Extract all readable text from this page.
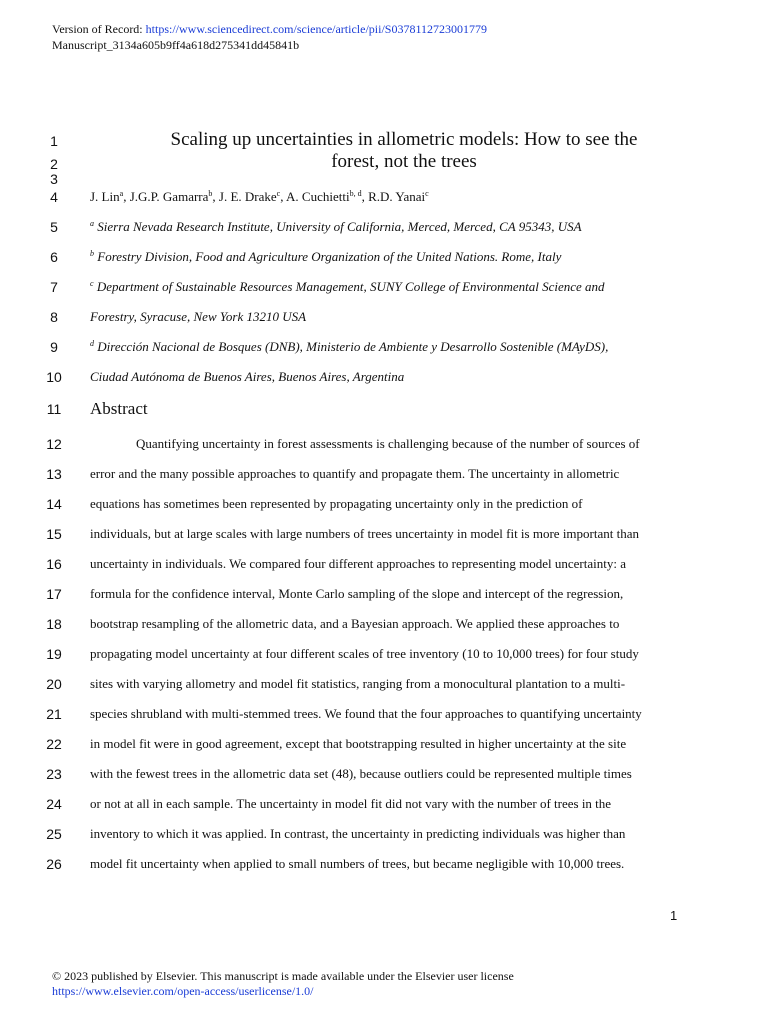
Version of Record: https://www.sciencedirect.com/science/article/pii/S0378112723001779
Manuscript_3134a605b9ff4a618d275341dd45841b
1
2
3
4
5
6
7
8
9
10
11
12
13
14
15
16
17
18
19
20
21
22
23
24
25
26
Scaling up uncertainties in allometric models: How to see the
forest, not the trees
J. Lin$^a$, J.G.P. Gamarra$^b$, J. E. Drake$^c$, A. Cuchietti$^{b, d}$, R.D. Yanai$^c$
$^a$ Sierra Nevada Research Institute, University of California, Merced, Merced, CA 95343, USA
$^b$ Forestry Division, Food and Agriculture Organization of the United Nations. Rome, Italy
$^c$ Department of Sustainable Resources Management, SUNY College of Environmental Science and
Forestry, Syracuse, New York 13210 USA
$^d$ Dirección Nacional de Bosques (DNB), Ministerio de Ambiente y Desarrollo Sostenible (MAyDS),
Ciudad Autónoma de Buenos Aires, Buenos Aires, Argentina
Abstract
Quantifying uncertainty in forest assessments is challenging because of the number of sources of
error and the many possible approaches to quantify and propagate them. The uncertainty in allometric
equations has sometimes been represented by propagating uncertainty only in the prediction of
individuals, but at large scales with large numbers of trees uncertainty in model fit is more important than
uncertainty in individuals. We compared four different approaches to representing model uncertainty: a
formula for the confidence interval, Monte Carlo sampling of the slope and intercept of the regression,
bootstrap resampling of the allometric data, and a Bayesian approach. We applied these approaches to
propagating model uncertainty at four different scales of tree inventory (10 to 10,000 trees) for four study
sites with varying allometry and model fit statistics, ranging from a monocultural plantation to a multi-
species shrubland with multi-stemmed trees. We found that the four approaches to quantifying uncertainty
in model fit were in good agreement, except that bootstrapping resulted in higher uncertainty at the site
with the fewest trees in the allometric data set (48), because outliers could be represented multiple times
or not at all in each sample. The uncertainty in model fit did not vary with the number of trees in the
inventory to which it was applied. In contrast, the uncertainty in predicting individuals was higher than
model fit uncertainty when applied to small numbers of trees, but became negligible with 10,000 trees.
1
© 2023 published by Elsevier. This manuscript is made available under the Elsevier user license
https://www.elsevier.com/open-access/userlicense/1.0/
